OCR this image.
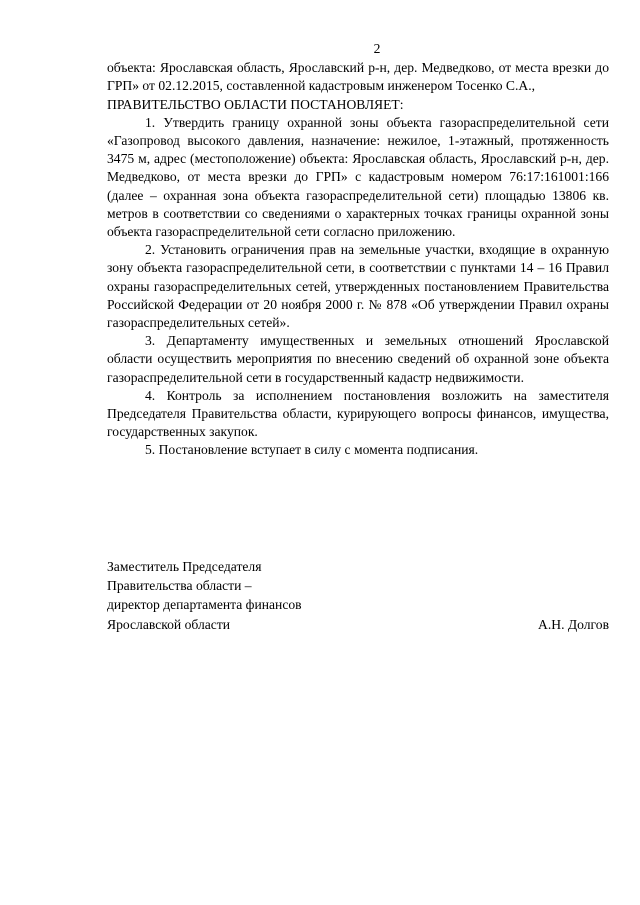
2

объекта: Ярославская область, Ярославский р-н, дер. Медведково, от места врезки до ГРП» от 02.12.2015, составленной кадастровым инженером Тосенко С.А.,

ПРАВИТЕЛЬСТВО ОБЛАСТИ ПОСТАНОВЛЯЕТ:

1. Утвердить границу охранной зоны объекта газораспределительной сети «Газопровод высокого давления, назначение: нежилое, 1-этажный, протяженность 3475 м, адрес (местоположение) объекта: Ярославская область, Ярославский р-н, дер. Медведково, от места врезки до ГРП» с кадастровым номером 76:17:161001:166 (далее – охранная зона объекта газораспределительной сети) площадью 13806 кв. метров в соответствии со сведениями о характерных точках границы охранной зоны объекта газораспределительной сети согласно приложению.

2. Установить ограничения прав на земельные участки, входящие в охранную зону объекта газораспределительной сети, в соответствии с пунктами 14 – 16 Правил охраны газораспределительных сетей, утвержденных постановлением Правительства Российской Федерации от 20 ноября 2000 г. № 878 «Об утверждении Правил охраны газораспределительных сетей».

3. Департаменту имущественных и земельных отношений Ярославской области осуществить мероприятия по внесению сведений об охранной зоне объекта газораспределительной сети в государственный кадастр недвижимости.

4. Контроль за исполнением постановления возложить на заместителя Председателя Правительства области, курирующего вопросы финансов, имущества, государственных закупок.

5. Постановление вступает в силу с момента подписания.

Заместитель Председателя
Правительства области –
директор департамента финансов
Ярославской области	А.Н. Долгов
